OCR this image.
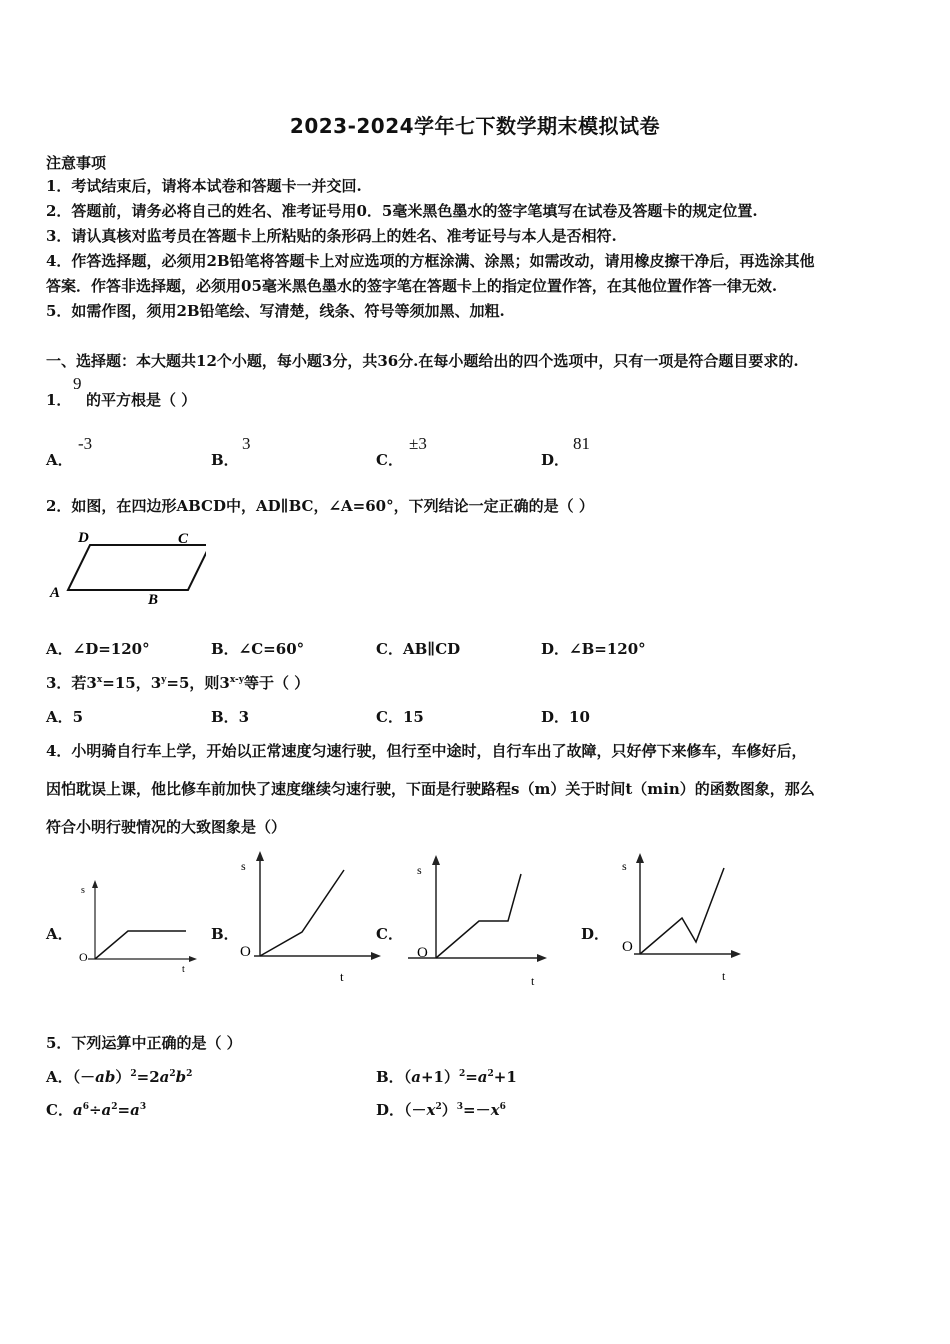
2023-2024学年七下数学期末模拟试卷
注意事项
1．考试结束后，请将本试卷和答题卡一并交回.
2．答题前，请务必将自己的姓名、准考证号用0．5毫米黑色墨水的签字笔填写在试卷及答题卡的规定位置.
3．请认真核对监考员在答题卡上所粘贴的条形码上的姓名、准考证号与本人是否相符.
4．作答选择题，必须用2B铅笔将答题卡上对应选项的方框涂满、涂黑；如需改动，请用橡皮擦干净后，再选涂其他
答案．作答非选择题，必须用05毫米黑色墨水的签字笔在答题卡上的指定位置作答，在其他位置作答一律无效.
5．如需作图，须用2B铅笔绘、写清楚，线条、符号等须加黑、加粗.
一、选择题：本大题共12个小题，每小题3分，共36分.在每小题给出的四个选项中，只有一项是符合题目要求的.
1．
9
的平方根是（ ）
A．
-3
B．
3
C．
±3
D．
81
2．如图，在四边形ABCD中，AD∥BC，∠A=60°，下列结论一定正确的是（ ）
D	C
A	B
A．∠D=120°	B．∠C=60°	C．AB∥CD	D．∠B=120°
3．若$3^x=15$，$3^y=5$，则3$^{x-y}$等于（ ）
A．5	B．3	C．15	D．10
4．小明骑自行车上学，开始以正常速度匀速行驶，但行至中途时，自行车出了故障，只好停下来修车，车修好后，
因怕耽误上课，他比修车前加快了速度继续匀速行驶，下面是行驶路程s（m）关于时间t（min）的函数图象，那么
符合小明行驶情况的大致图象是（）
A．	B．	C．	D．
s
O
t
s
O
t
s
O
t
s
O
t
5．下列运算中正确的是（ ）
A．$(-ab)^2=2a^2b^2$	B．$(a+1)^2=a^2+1$
C．$a^6\div a^2=a^3$	D．$(-x^2)^3=-x^6$
